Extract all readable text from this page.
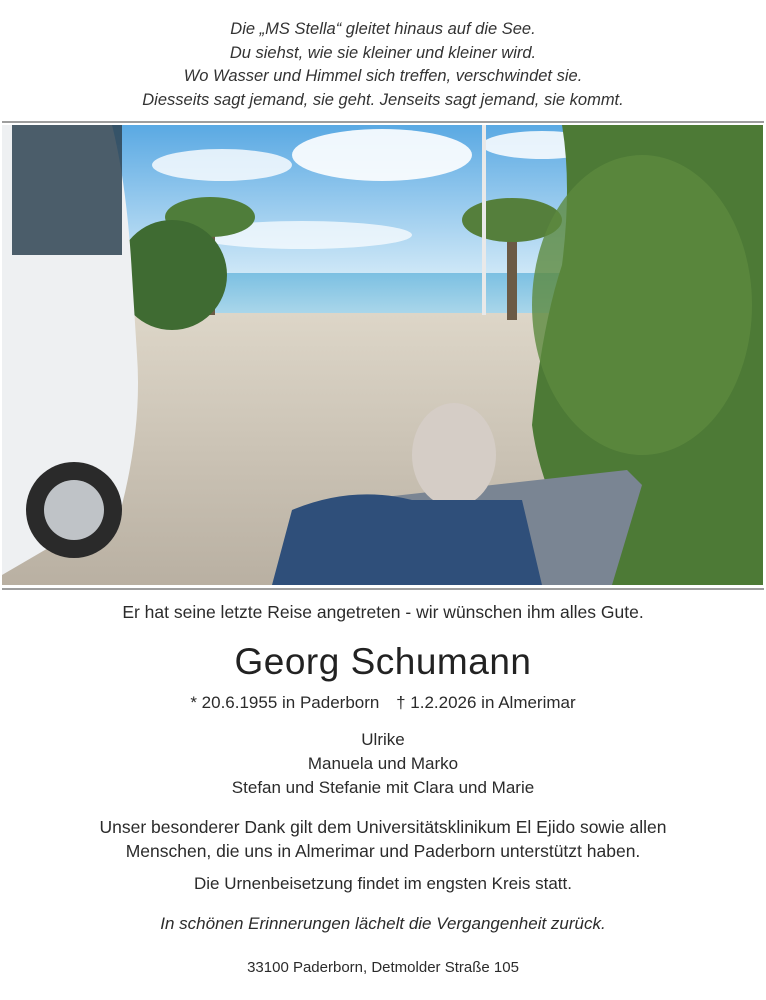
Die „MS Stella“ gleitet hinaus auf die See.
Du siehst, wie sie kleiner und kleiner wird.
Wo Wasser und Himmel sich treffen, verschwindet sie.
Diesseits sagt jemand, sie geht. Jenseits sagt jemand, sie kommt.
Er hat seine letzte Reise angetreten - wir wünschen ihm alles Gute.
Georg Schumann
* 20.6.1955 in Paderborn † 1.2.2026 in Almerimar
Ulrike
Manuela und Marko
Stefan und Stefanie mit Clara und Marie
Unser besonderer Dank gilt dem Universitätsklinikum El Ejido sowie allen
Menschen, die uns in Almerimar und Paderborn unterstützt haben.
Die Urnenbeisetzung findet im engsten Kreis statt.
In schönen Erinnerungen lächelt die Vergangenheit zurück.
33100 Paderborn, Detmolder Straße 105
